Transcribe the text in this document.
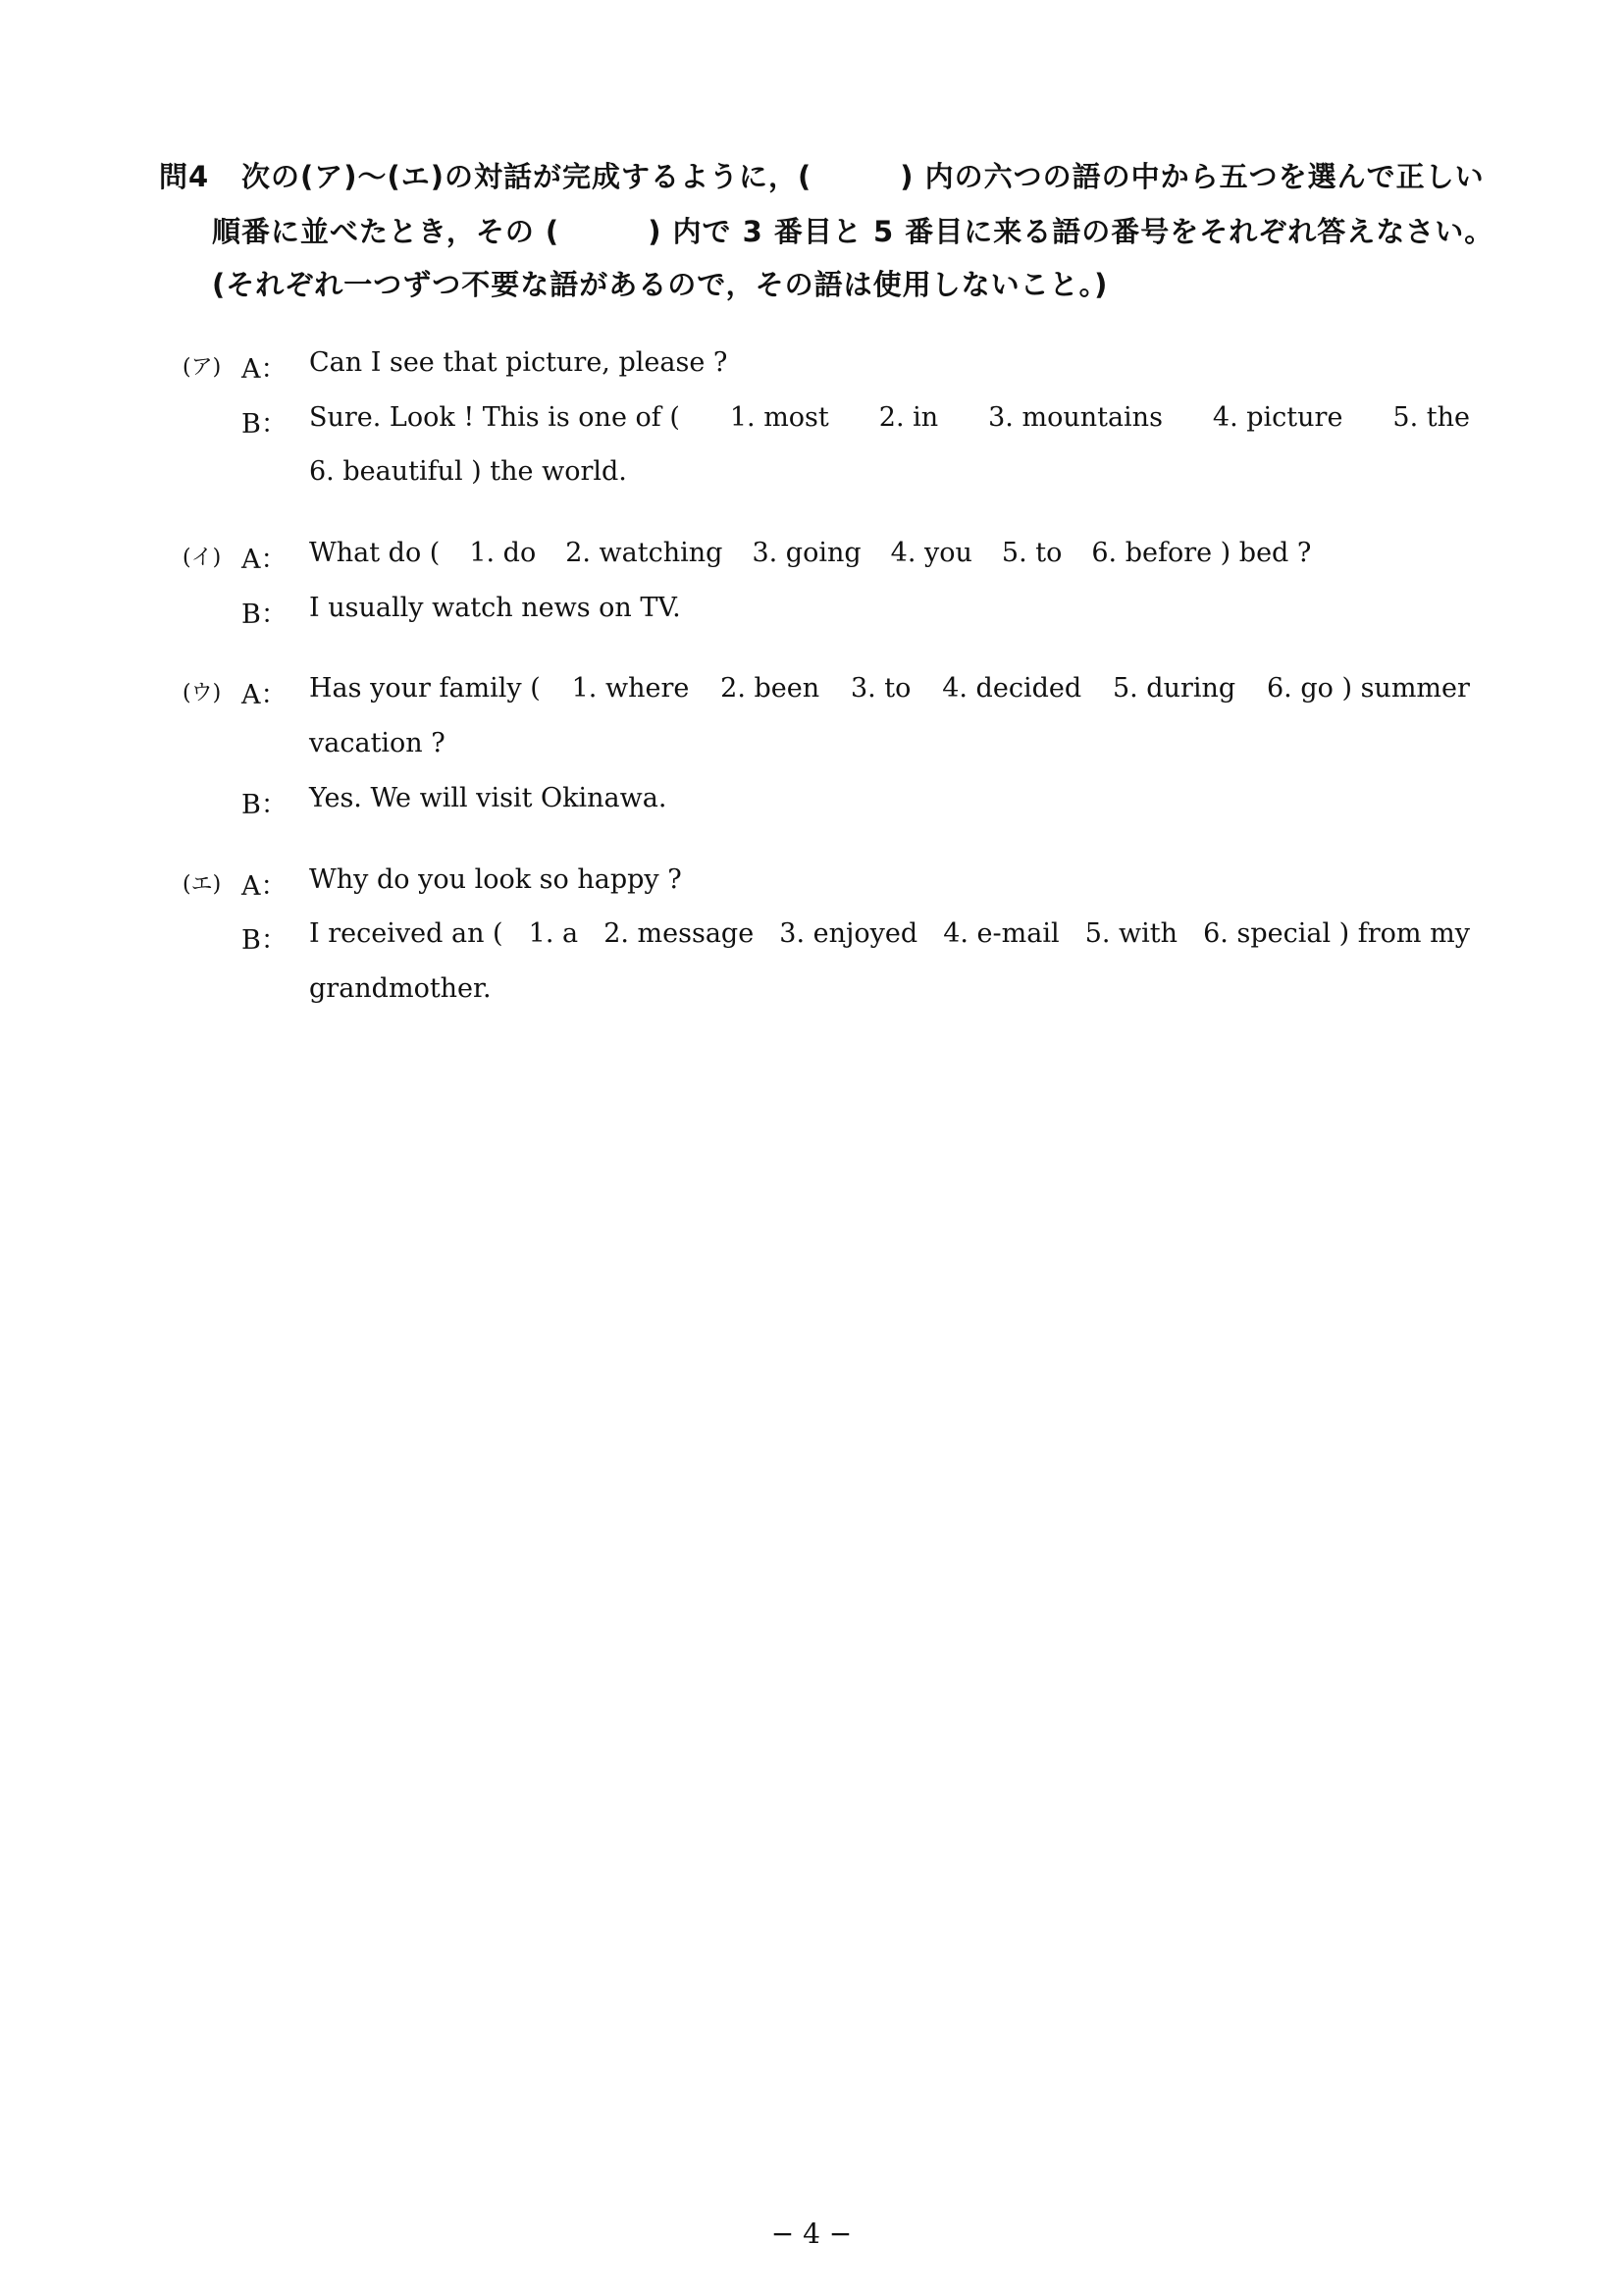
問4 次の(ア)〜(エ)の対話が完成するように，(　　　) 内の六つの語の中から五つを選んで正しい
順番に並べたとき，その (　　　) 内で 3 番目と 5 番目に来る語の番号をそれぞれ答えなさい。
(それぞれ一つずつ不要な語があるので，その語は使用しないこと。)
(ア) A： Can I see that picture, please ?
B： Sure. Look ! This is one of ( 1. most 2. in 3. mountains 4. picture 5. the
6. beautiful ) the world.
(イ) A： What do ( 1. do 2. watching 3. going 4. you 5. to 6. before ) bed ?
B： I usually watch news on TV.
(ウ) A： Has your family ( 1. where 2. been 3. to 4. decided 5. during 6. go ) summer
vacation ?
B： Yes. We will visit Okinawa.
(エ) A： Why do you look so happy ?
B： I received an ( 1. a 2. message 3. enjoyed 4. e-mail 5. with 6. special ) from my
grandmother.
− 4 −
